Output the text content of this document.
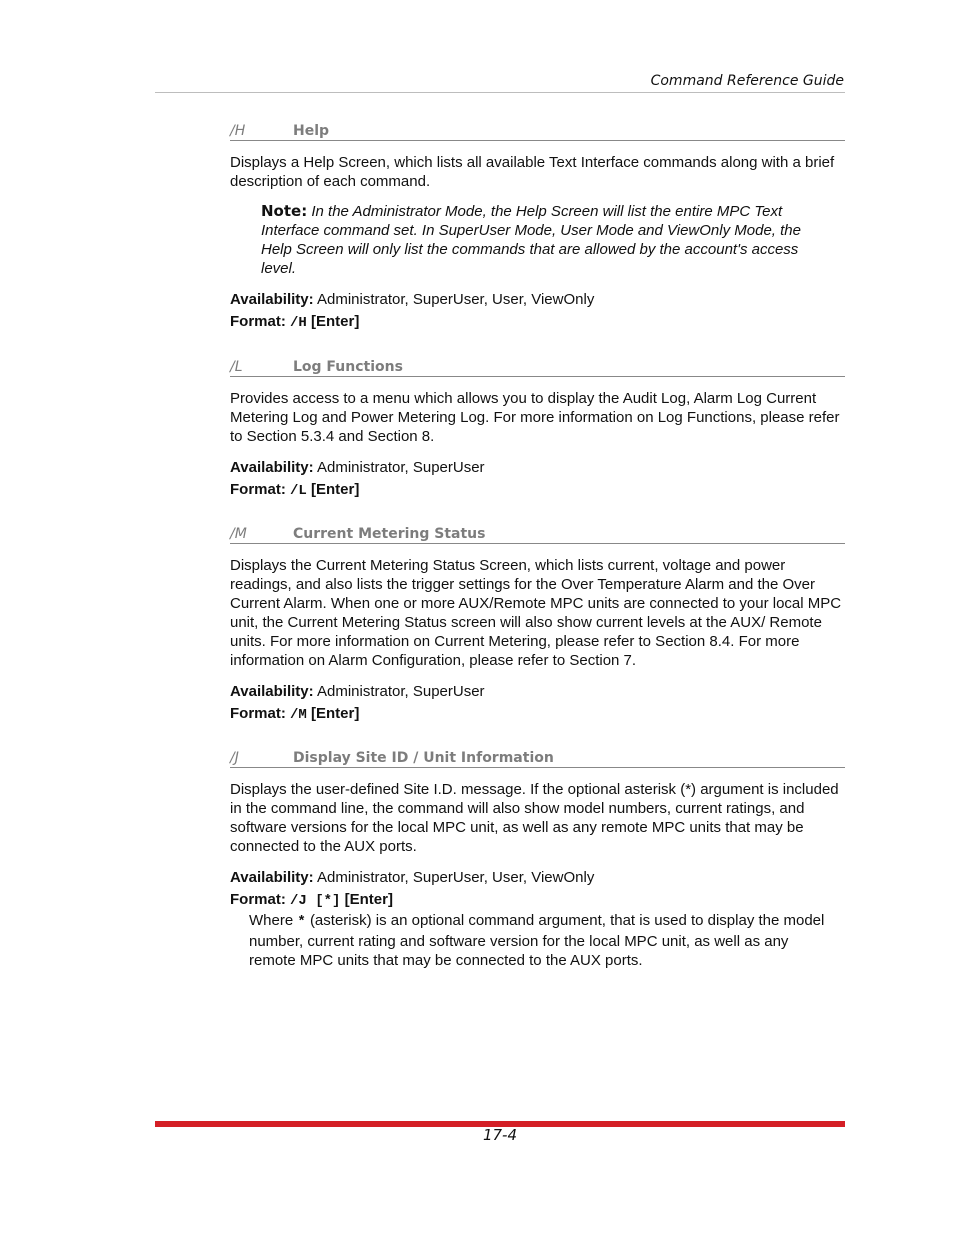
Command Reference Guide
/H	Help

Displays a Help Screen, which lists all available Text Interface commands along with a brief description of each command.

Note: In the Administrator Mode, the Help Screen will list the entire MPC Text Interface command set. In SuperUser Mode, User Mode and ViewOnly Mode, the Help Screen will only list the commands that are allowed by the account's access level.
Availability: Administrator, SuperUser, User, ViewOnly
Format: /H [Enter]
/L	Log Functions

Provides access to a menu which allows you to display the Audit Log, Alarm Log Current Metering Log and Power Metering Log. For more information on Log Functions, please refer to Section 5.3.4 and Section 8.

Availability: Administrator, SuperUser
Format: /L [Enter]
/M	Current Metering Status

Displays the Current Metering Status Screen, which lists current, voltage and power readings, and also lists the trigger settings for the Over Temperature Alarm and the Over Current Alarm. When one or more AUX/Remote MPC units are connected to your local MPC unit, the Current Metering Status screen will also show current levels at the AUX/ Remote units. For more information on Current Metering, please refer to Section 8.4. For more information on Alarm Configuration, please refer to Section 7.

Availability: Administrator, SuperUser
Format: /M [Enter]
/J	Display Site ID / Unit Information

Displays the user-defined Site I.D. message. If the optional asterisk (*) argument is included in the command line, the command will also show model numbers, current ratings, and software versions for the local MPC unit, as well as any remote MPC units that may be connected to the AUX ports.

Availability: Administrator, SuperUser, User, ViewOnly
Format: /J [*] [Enter]
Where * (asterisk) is an optional command argument, that is used to display the model number, current rating and software version for the local MPC unit, as well as any remote MPC units that may be connected to the AUX ports.
17-4
